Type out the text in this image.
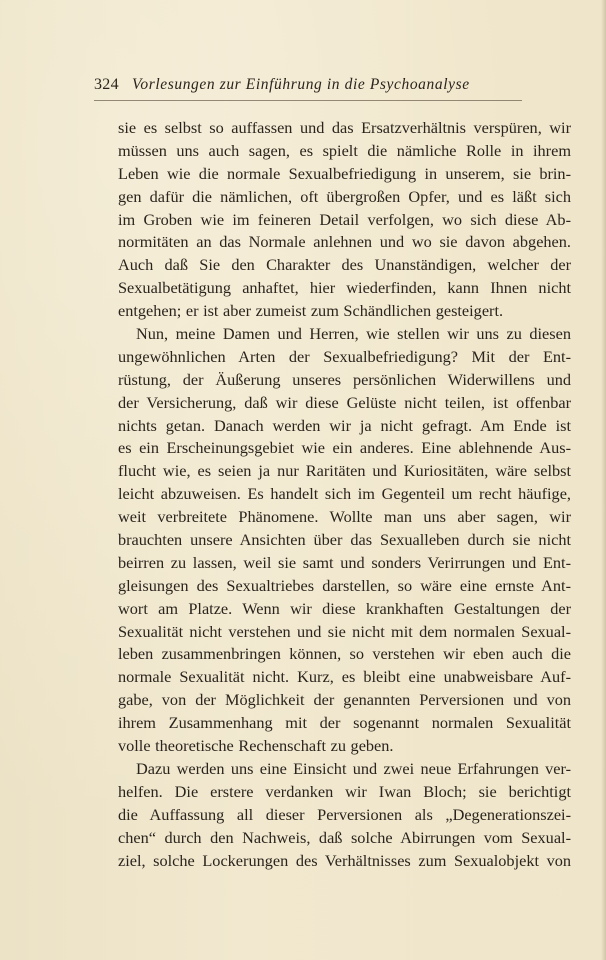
324 Vorlesungen zur Einführung in die Psychoanalyse
sie es selbst so auffassen und das Ersatzverhältnis verspüren, wir
müssen uns auch sagen, es spielt die nämliche Rolle in ihrem
Leben wie die normale Sexualbefriedigung in unserem, sie brin-
gen dafür die nämlichen, oft übergroßen Opfer, und es läßt sich
im Groben wie im feineren Detail verfolgen, wo sich diese Ab-
normitäten an das Normale anlehnen und wo sie davon abgehen.
Auch daß Sie den Charakter des Unanständigen, welcher der
Sexualbetätigung anhaftet, hier wiederfinden, kann Ihnen nicht
entgehen; er ist aber zumeist zum Schändlichen gesteigert.
Nun, meine Damen und Herren, wie stellen wir uns zu diesen
ungewöhnlichen Arten der Sexualbefriedigung? Mit der Ent-
rüstung, der Äußerung unseres persönlichen Widerwillens und
der Versicherung, daß wir diese Gelüste nicht teilen, ist offenbar
nichts getan. Danach werden wir ja nicht gefragt. Am Ende ist
es ein Erscheinungsgebiet wie ein anderes. Eine ablehnende Aus-
flucht wie, es seien ja nur Raritäten und Kuriositäten, wäre selbst
leicht abzuweisen. Es handelt sich im Gegenteil um recht häufige,
weit verbreitete Phänomene. Wollte man uns aber sagen, wir
brauchten unsere Ansichten über das Sexualleben durch sie nicht
beirren zu lassen, weil sie samt und sonders Verirrungen und Ent-
gleisungen des Sexualtriebes darstellen, so wäre eine ernste Ant-
wort am Platze. Wenn wir diese krankhaften Gestaltungen der
Sexualität nicht verstehen und sie nicht mit dem normalen Sexual-
leben zusammenbringen können, so verstehen wir eben auch die
normale Sexualität nicht. Kurz, es bleibt eine unabweisbare Auf-
gabe, von der Möglichkeit der genannten Perversionen und von
ihrem Zusammenhang mit der sogenannt normalen Sexualität
volle theoretische Rechenschaft zu geben.
Dazu werden uns eine Einsicht und zwei neue Erfahrungen ver-
helfen. Die erstere verdanken wir Iwan Bloch; sie berichtigt
die Auffassung all dieser Perversionen als „Degenerationszei-
chen“ durch den Nachweis, daß solche Abirrungen vom Sexual-
ziel, solche Lockerungen des Verhältnisses zum Sexualobjekt von
